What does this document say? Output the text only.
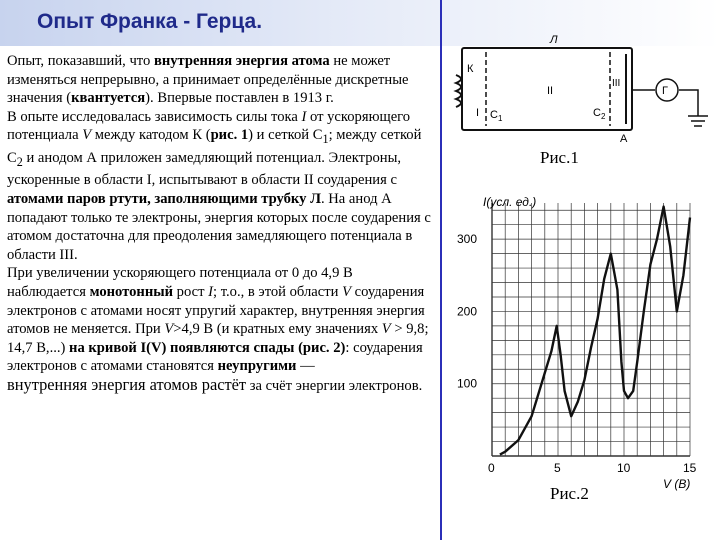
Опыт Франка - Герца.

Опыт, показавший, что внутренняя энергия атома не может изменяться непрерывно, а принимает определённые дискретные значения (квантуется). Впервые поставлен в 1913 г.

В опыте исследовалась зависимость силы тока I от ускоряющего потенциала V между катодом К (рис. 1) и сеткой $С_1$; между сеткой $С_2$ и анодом А приложен замедляющий потенциал. Электроны, ускоренные в области I, испытывают в области II соударения с атомами паров ртути, заполняющими трубку Л. На анод А попадают только те электроны, энергия которых после соударения с атомом достаточна для преодоления замедляющего потенциала в области III.

При увеличении ускоряющего потенциала от 0 до 4,9 В наблюдается монотонный рост I; т.о., в этой области V соударения электронов с атомами носят упругий характер, внутренняя энергия атомов не меняется. При V>4,9 В (и кратных ему значениях V > 9,8; 14,7 В,...) на кривой I(V) появляются спады (рис. 2): соударения электронов с атомами становятся неупругими —

внутренняя энергия атомов растёт за счёт энергии электронов.

Л
К
I $C_1$
II
$C_2$
III
A
Г
Рис.1
0	5	10	15
100
200
300
I(усл. ед.)
V (В)
Рис.2
